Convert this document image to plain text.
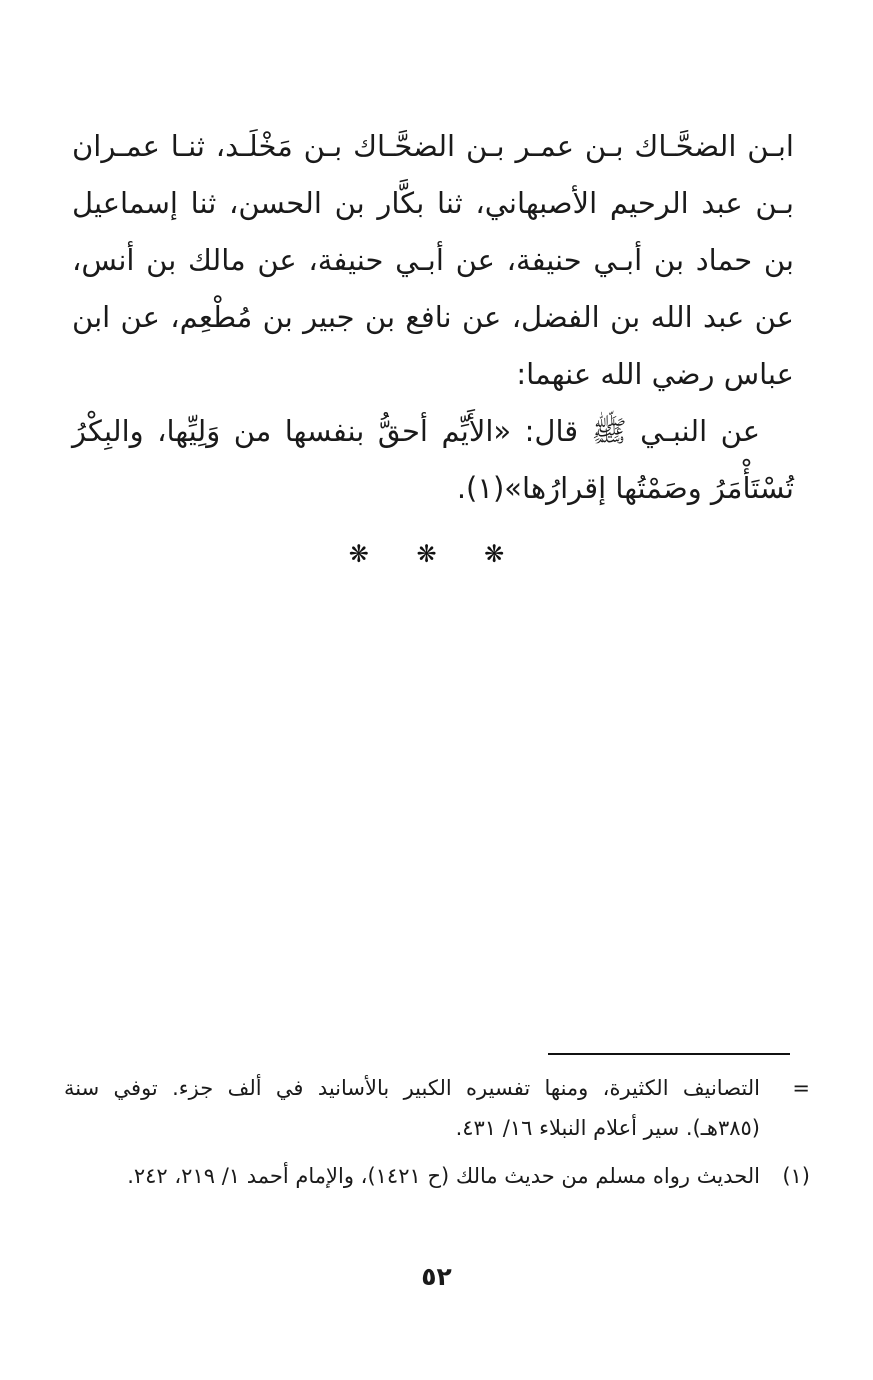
ابـن الضحَّـاك بـن عمـر بـن الضحَّـاك بـن مَخْلَـد، ثنـا عمـران بـن عبد الرحيم الأصبهاني، ثنا بكَّار بن الحسن، ثنا إسماعيل بن حماد بن أبـي حنيفة، عن أبـي حنيفة، عن مالك بن أنس، عن عبد الله بن الفضل، عن نافع بن جبير بن مُطْعِم، عن ابن عباس رضي الله عنهما:

عن النبـي ﷺ قال: «الأَيِّم أحقُّ بنفسها من وَلِيِّها، والبِكْرُ تُسْتَأْمَرُ وصَمْتُها إقرارُها»(١).

❋ ❋ ❋
=
التصانيف الكثيرة، ومنها تفسيره الكبير بالأسانيد في ألف جزء. توفي سنة (٣٨٥هـ). سير أعلام النبلاء ١٦/ ٤٣١.
(١)
الحديث رواه مسلم من حديث مالك (ح ١٤٢١)، والإمام أحمد ١/ ٢١٩، ٢٤٢.
٥٢
